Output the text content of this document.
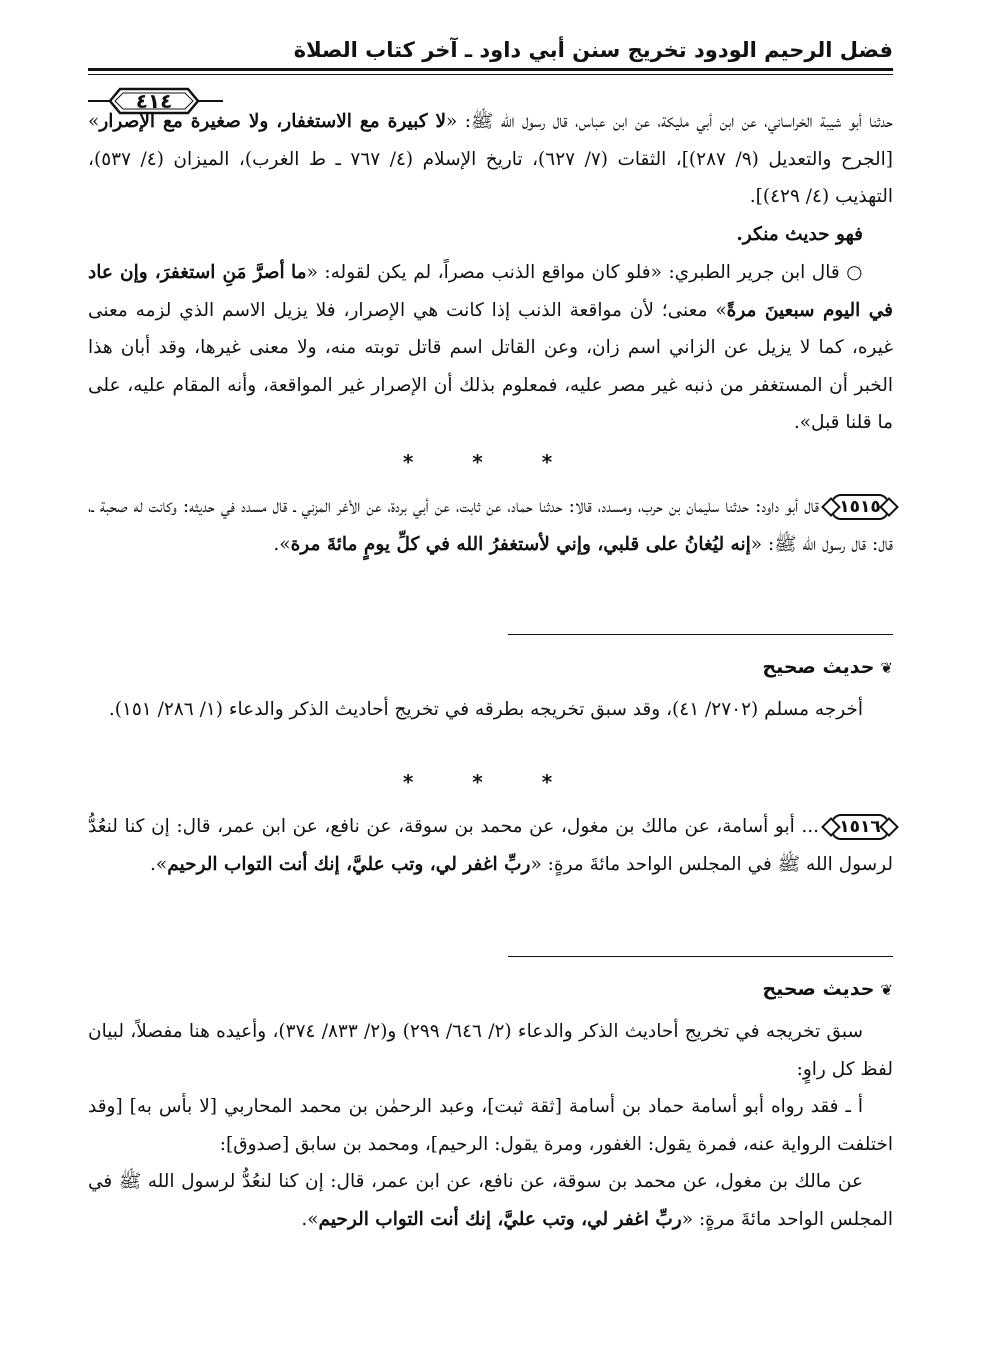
فضل الرحيم الودود تخريج سنن أبي داود ـ آخر كتاب الصلاة
٤١٤

حدثنا أبو شيبة الخراساني، عن ابن أبي مليكة، عن ابن عباس، قال رسول الله ﷺ: «لا كبيرة مع الاستغفار، ولا صغيرة مع الإصرار» [الجرح والتعديل (٩/ ٢٨٧)]، الثقات (٧/ ٦٢٧)، تاريخ الإسلام (٤/ ٧٦٧ ـ ط الغرب)، الميزان (٤/ ٥٣٧)، التهذيب (٤/ ٤٢٩)].

فهو حديث منكر.

○ قال ابن جرير الطبري: «فلو كان مواقع الذنب مصراً، لم يكن لقوله: «ما أصرَّ مَنِ استغفرَ، وإن عاد في اليوم سبعينَ مرةً» معنى؛ لأن مواقعة الذنب إذا كانت هي الإصرار، فلا يزيل الاسم الذي لزمه معنى غيره، كما لا يزيل عن الزاني اسم زان، وعن القاتل اسم قاتل توبته منه، ولا معنى غيرها، وقد أبان هذا الخبر أن المستغفر من ذنبه غير مصر عليه، فمعلوم بذلك أن الإصرار غير المواقعة، وأنه المقام عليه، على ما قلنا قبل».

* * *

١٥١٥قال أبو داود: حدثنا سليمان بن حرب، ومسدد، قالا: حدثنا حماد، عن ثابت، عن أبي بردة، عن الأغر المزني ـ قال مسدد في حديثه: وكانت له صحبة ـ، قال: قال رسول الله ﷺ: «إنه ليُغانُ على قلبي، وإني لأستغفرُ الله في كلِّ يومٍ مائةَ مرة».

❦حديث صحيح

أخرجه مسلم (٢٧٠٢/ ٤١)، وقد سبق تخريجه بطرقه في تخريج أحاديث الذكر والدعاء (١/ ٢٨٦/ ١٥١).

* * *

١٥١٦... أبو أسامة، عن مالك بن مغول، عن محمد بن سوقة، عن نافع، عن ابن عمر، قال: إن كنا لنعُدُّ لرسول الله ﷺ في المجلس الواحد مائةَ مرةٍ: «ربِّ اغفر لي، وتب عليَّ، إنك أنت التواب الرحيم».

❦حديث صحيح

سبق تخريجه في تخريج أحاديث الذكر والدعاء (٢/ ٦٤٦/ ٢٩٩) و(٢/ ٨٣٣/ ٣٧٤)، وأعيده هنا مفصلاً، لبيان لفظ كل راوٍ:

أ ـ فقد رواه أبو أسامة حماد بن أسامة [ثقة ثبت]، وعبد الرحمٰن بن محمد المحاربي [لا بأس به] [وقد اختلفت الرواية عنه، فمرة يقول: الغفور، ومرة يقول: الرحيم]، ومحمد بن سابق [صدوق]:

عن مالك بن مغول، عن محمد بن سوقة، عن نافع، عن ابن عمر، قال: إن كنا لنعُدُّ لرسول الله ﷺ في المجلس الواحد مائةَ مرةٍ: «ربِّ اغفر لي، وتب عليَّ، إنك أنت التواب الرحيم».
